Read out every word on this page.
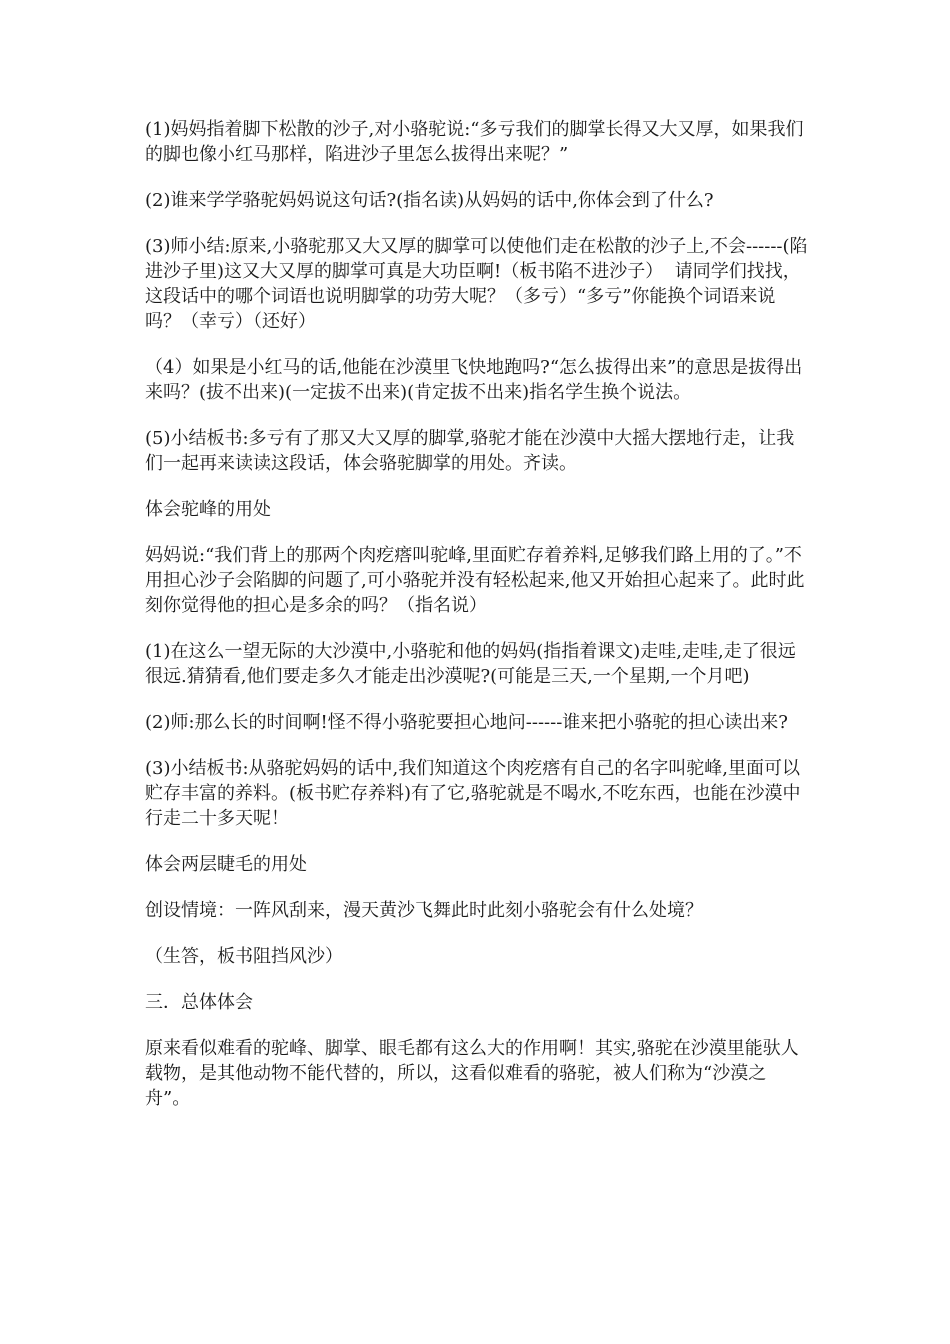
(1)妈妈指着脚下松散的沙子,对小骆驼说:“多亏我们的脚掌长得又大又厚，如果我们的脚也像小红马那样，陷进沙子里怎么拔得出来呢？”

(2)谁来学学骆驼妈妈说这句话?(指名读)从妈妈的话中,你体会到了什么?

(3)师小结:原来,小骆驼那又大又厚的脚掌可以使他们走在松散的沙子上,不会------(陷进沙子里)这又大又厚的脚掌可真是大功臣啊!（板书陷不进沙子）  请同学们找找，这段话中的哪个词语也说明脚掌的功劳大呢？（多亏）“多亏”你能换个词语来说吗？（幸亏）（还好）

（4）如果是小红马的话,他能在沙漠里飞快地跑吗?“怎么拔得出来”的意思是拔得出来吗？(拔不出来)(一定拔不出来)(肯定拔不出来)指名学生换个说法。

(5)小结板书:多亏有了那又大又厚的脚掌,骆驼才能在沙漠中大摇大摆地行走，让我们一起再来读读这段话，体会骆驼脚掌的用处。齐读。

体会驼峰的用处

妈妈说:“我们背上的那两个肉疙瘩叫驼峰,里面贮存着养料,足够我们路上用的了。”不用担心沙子会陷脚的问题了,可小骆驼并没有轻松起来,他又开始担心起来了。此时此刻你觉得他的担心是多余的吗？（指名说）

(1)在这么一望无际的大沙漠中,小骆驼和他的妈妈(指指着课文)走哇,走哇,走了很远很远.猜猜看,他们要走多久才能走出沙漠呢?(可能是三天,一个星期,一个月吧)

(2)师:那么长的时间啊!怪不得小骆驼要担心地问------谁来把小骆驼的担心读出来?

(3)小结板书:从骆驼妈妈的话中,我们知道这个肉疙瘩有自己的名字叫驼峰,里面可以贮存丰富的养料。(板书贮存养料)有了它,骆驼就是不喝水,不吃东西，也能在沙漠中行走二十多天呢！

体会两层睫毛的用处

创设情境：一阵风刮来，漫天黄沙飞舞此时此刻小骆驼会有什么处境？

（生答，板书阻挡风沙）

三．总体体会

原来看似难看的驼峰、脚掌、眼毛都有这么大的作用啊！其实,骆驼在沙漠里能驮人载物，是其他动物不能代替的，所以，这看似难看的骆驼，被人们称为“沙漠之舟”。
